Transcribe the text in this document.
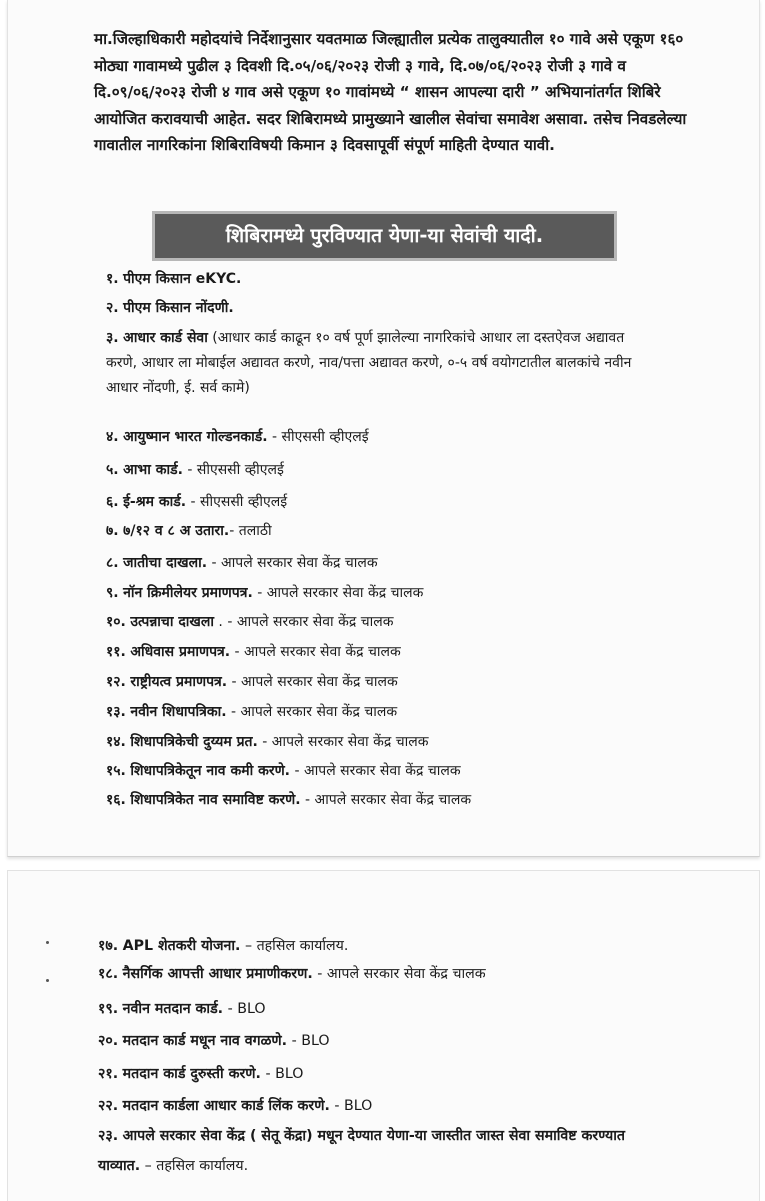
मा.जिल्हाधिकारी महोदयांचे निर्देशानुसार यवतमाळ जिल्ह्यातील प्रत्येक तालुक्यातील १० गावे असे एकूण १६० मोठ्या गावामध्ये पुढील ३ दिवशी दि.०५/०६/२०२३ रोजी ३ गावे, दि.०७/०६/२०२३ रोजी ३ गावे व दि.०९/०६/२०२३ रोजी ४ गाव असे एकूण १० गावांमध्ये “ शासन आपल्या दारी ” अभियानांतर्गत शिबिरे आयोजित करावयाची आहेत. सदर शिबिरामध्ये प्रामुख्याने खालील सेवांचा समावेश असावा. तसेच निवडलेल्या गावातील नागरिकांना शिबिराविषयी किमान ३ दिवसापूर्वी संपूर्ण माहिती देण्यात यावी.

शिबिरामध्ये पुरविण्यात येणा-या सेवांची यादी.
१. पीएम किसान eKYC.
२. पीएम किसान नोंदणी.
३. आधार कार्ड सेवा (आधार कार्ड काढून १० वर्ष पूर्ण झालेल्या नागरिकांचे आधार ला दस्तऐवज अद्यावत करणे, आधार ला मोबाईल अद्यावत करणे, नाव/पत्ता अद्यावत करणे, ०-५ वर्ष वयोगटातील बालकांचे नवीन आधार नोंदणी, ई. सर्व कामे)
४. आयुष्मान भारत गोल्डनकार्ड. - सीएससी व्हीएलई
५. आभा कार्ड. - सीएससी व्हीएलई
६. ई-श्रम कार्ड. - सीएससी व्हीएलई
७. ७/१२ व ८ अ उतारा.- तलाठी
८. जातीचा दाखला. - आपले सरकार सेवा केंद्र चालक
९. नॉन क्रिमीलेयर प्रमाणपत्र. - आपले सरकार सेवा केंद्र चालक
१०. उत्पन्नाचा दाखला . - आपले सरकार सेवा केंद्र चालक
११. अधिवास प्रमाणपत्र. - आपले सरकार सेवा केंद्र चालक
१२. राष्ट्रीयत्व प्रमाणपत्र. - आपले सरकार सेवा केंद्र चालक
१३. नवीन शिधापत्रिका. - आपले सरकार सेवा केंद्र चालक
१४. शिधापत्रिकेची दुय्यम प्रत. - आपले सरकार सेवा केंद्र चालक
१५. शिधापत्रिकेतून नाव कमी करणे. - आपले सरकार सेवा केंद्र चालक
१६. शिधापत्रिकेत नाव समाविष्ट करणे. - आपले सरकार सेवा केंद्र चालक
१७. APL शेतकरी योजना. – तहसिल कार्यालय.
१८. नैसर्गिक आपत्ती आधार प्रमाणीकरण. - आपले सरकार सेवा केंद्र चालक
१९. नवीन मतदान कार्ड. - BLO
२०. मतदान कार्ड मधून नाव वगळणे. - BLO
२१. मतदान कार्ड दुरुस्ती करणे. - BLO
२२. मतदान कार्डला आधार कार्ड लिंक करणे. - BLO
२३. आपले सरकार सेवा केंद्र ( सेतू केंद्रा) मधून देण्यात येणा-या जास्तीत जास्त सेवा समाविष्ट करण्यात याव्यात. – तहसिल कार्यालय.
